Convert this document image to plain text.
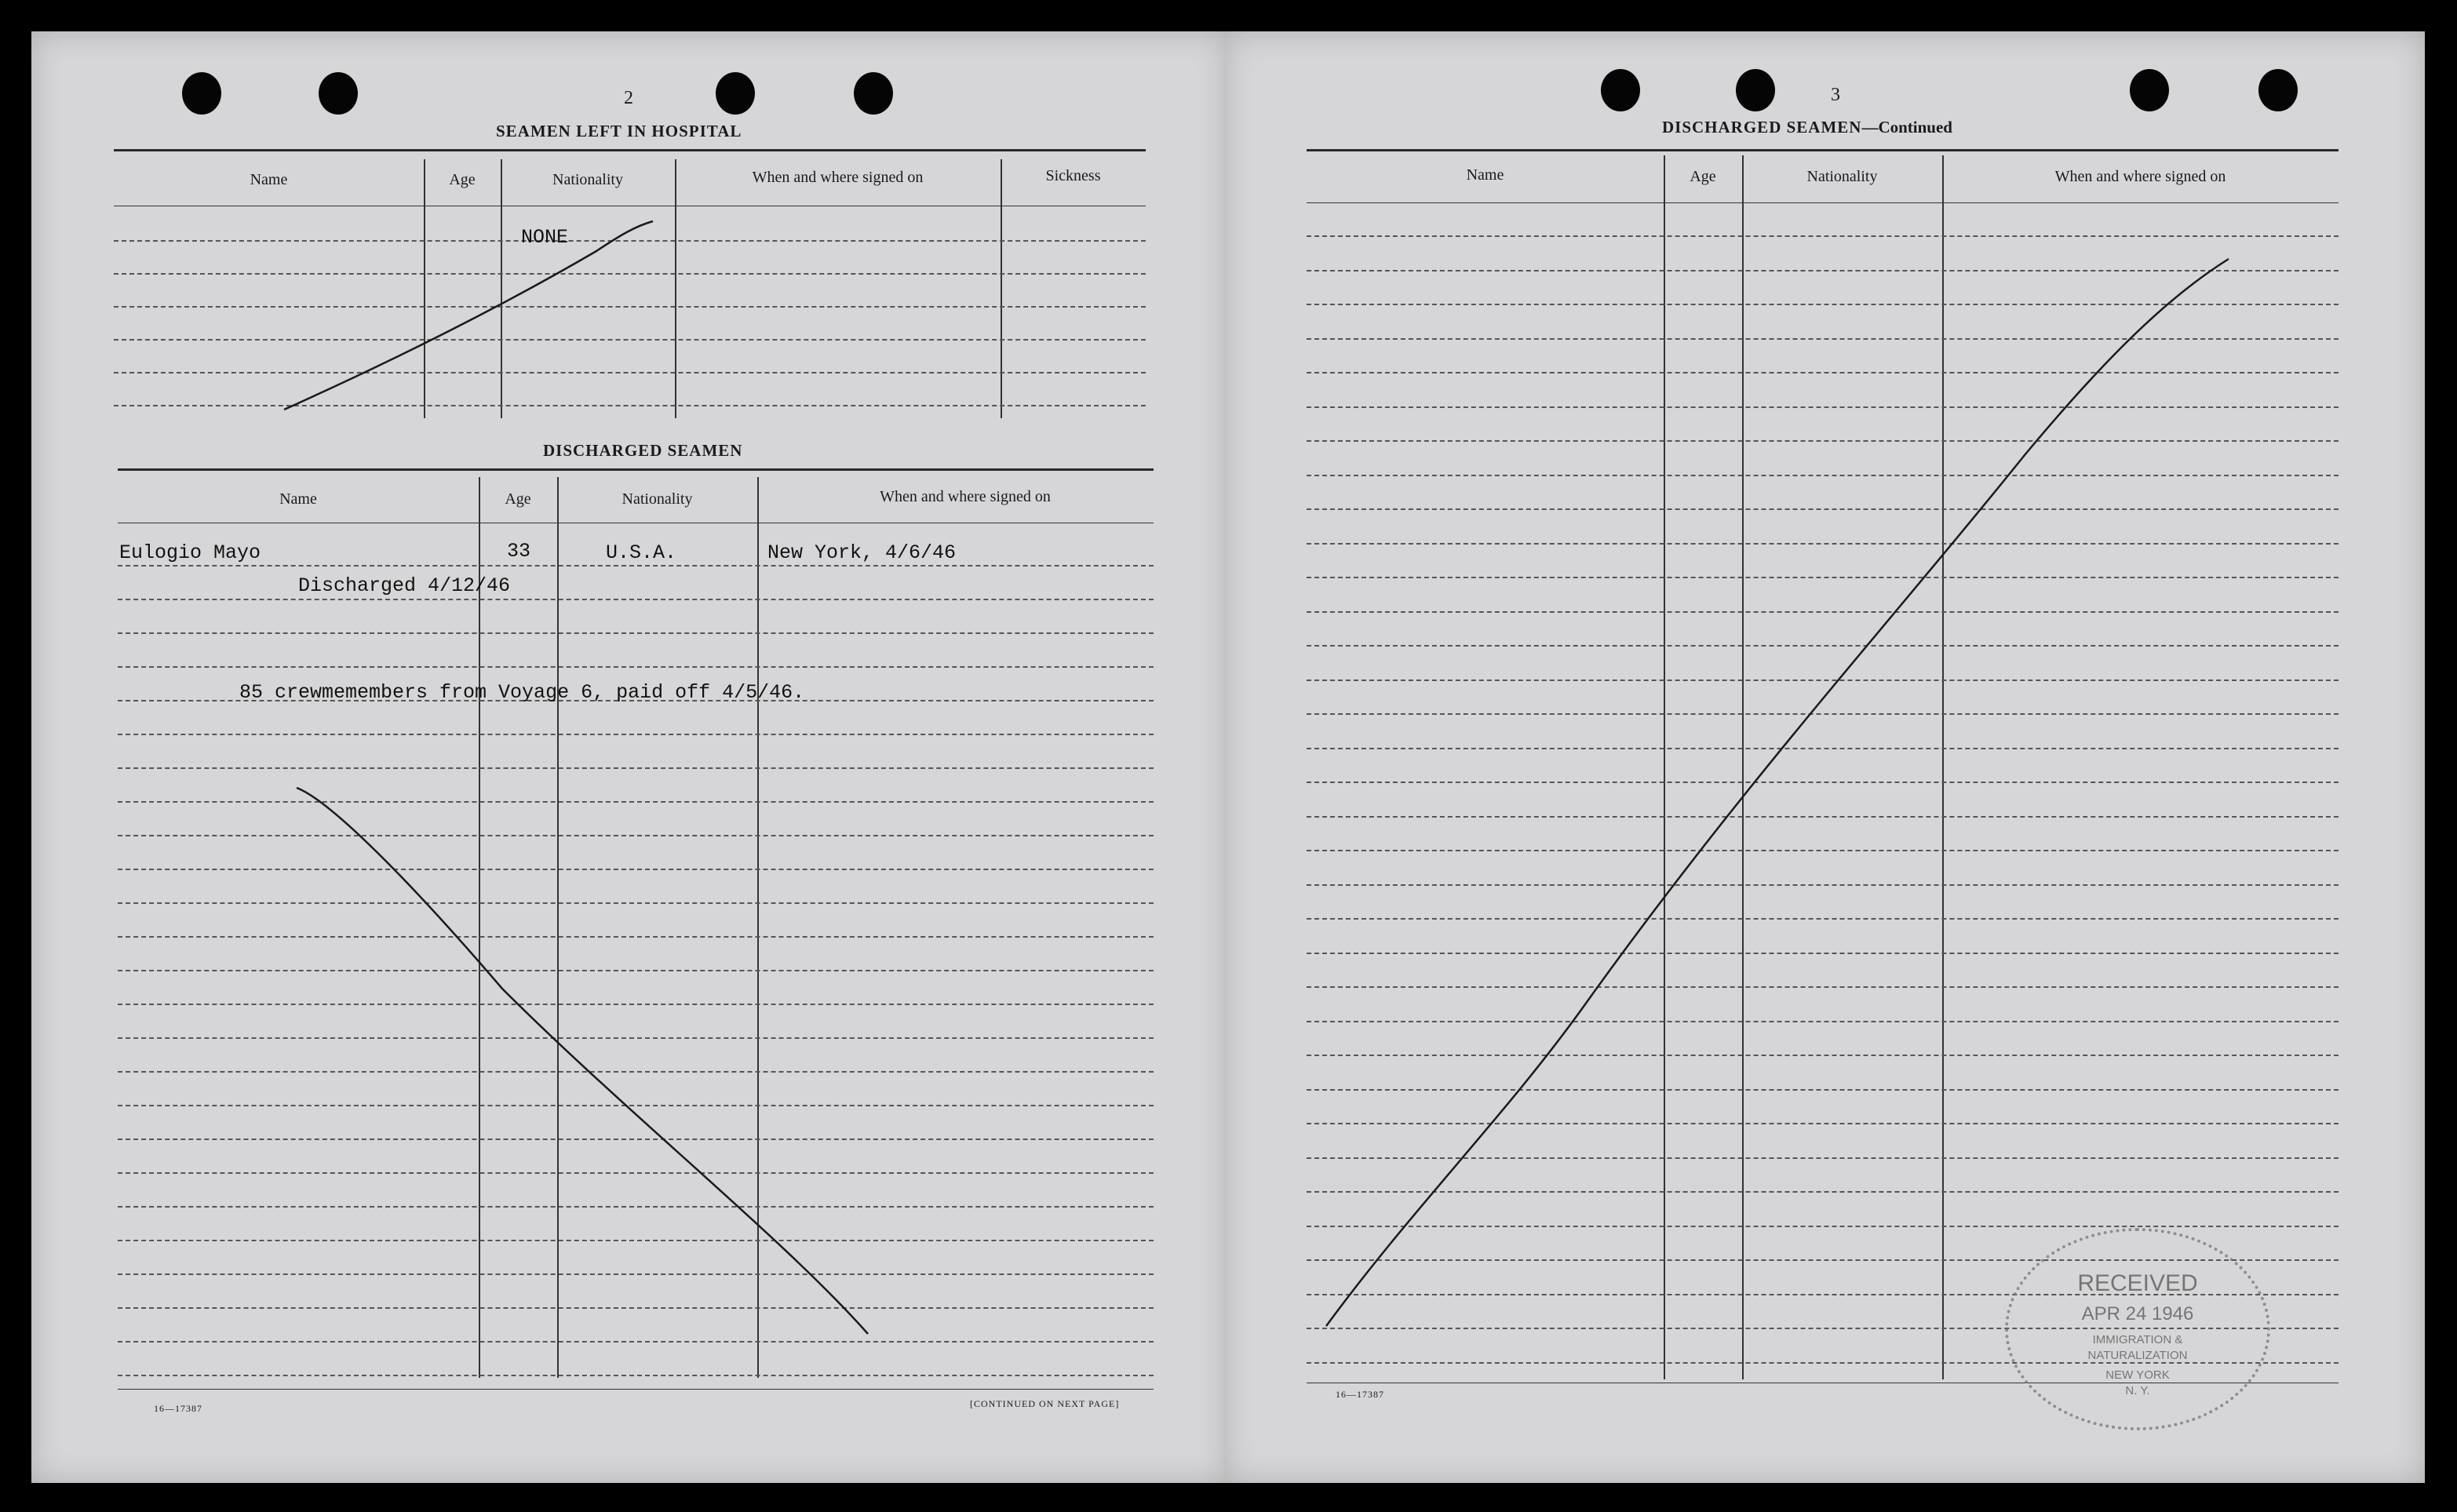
2
SEAMEN LEFT IN HOSPITAL
Name	Age	Nationality	When and where signed on	Sickness
NONE
DISCHARGED SEAMEN
Name	Age	Nationality	When and where signed on
Eulogio Mayo	33	U.S.A.	New York, 4/6/46
Discharged 4/12/46
85 crewmemembers from Voyage 6, paid off 4/5/46.
16—17387	[CONTINUED ON NEXT PAGE]
3
DISCHARGED SEAMEN—Continued
Name	Age	Nationality	When and where signed on
16—17387
RECEIVED
APR 24 1946
IMMIGRATION &
NATURALIZATION
NEW YORK
N. Y.
